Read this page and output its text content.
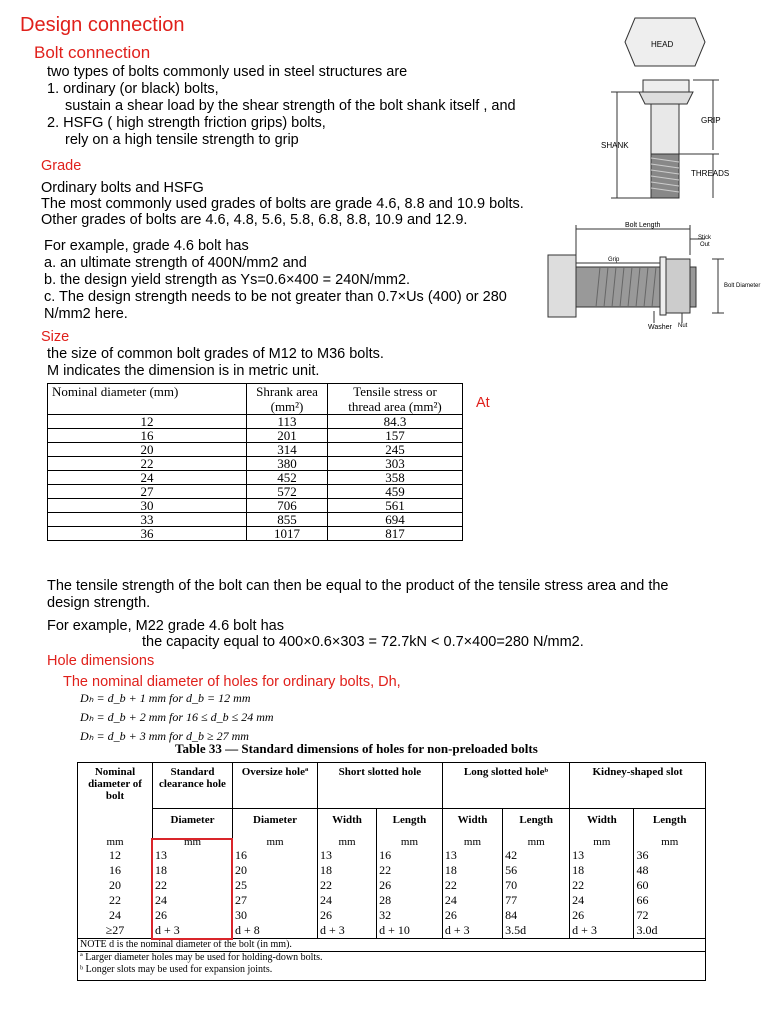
Design connection
Bolt connection
two types of bolts commonly used in steel structures are
1. ordinary (or black) bolts,
sustain a shear load by the shear strength of the bolt shank itself , and
2. HSFG ( high strength friction grips) bolts,
rely on a high tensile strength to grip
Grade
Ordinary bolts and HSFG
The most commonly used grades of bolts are grade 4.6, 8.8 and 10.9 bolts.
Other grades of bolts are 4.6, 4.8, 5.6, 5.8, 6.8, 8.8, 10.9 and 12.9.
For example, grade 4.6 bolt has
a. an ultimate strength of 400N/mm2 and
b. the design yield strength as Ys=0.6×400 = 240N/mm2.
c. The design strength needs to be not greater than 0.7×Us (400) or 280
N/mm2 here.
Size
the size of common bolt grades of M12 to M36 bolts.
M indicates the dimension is in metric unit.
At
Nominal diameter (mm)	Shrank area
(mm²)	Tensile stress or
thread area (mm²)
12	113	84.3
16	201	157
20	314	245
22	380	303
24	452	358
27	572	459
30	706	561
33	855	694
36	1017	817
The tensile strength of the bolt can then be equal to the product of the tensile stress area and the
design strength.
For example, M22 grade 4.6 bolt has
the capacity equal to 400×0.6×303 = 72.7kN < 0.7×400=280 N/mm2.
Hole dimensions
The nominal diameter of holes for ordinary bolts, Dh,
Dₕ = d_b + 1 mm for d_b = 12 mm
Dₕ = d_b + 2 mm for 16 ≤ d_b ≤ 24 mm
Dₕ = d_b + 3 mm for d_b ≥ 27 mm
Table 33 — Standard dimensions of holes for non-preloaded bolts
Nominal diameter of bolt	Standard clearance hole	Oversize holeª	Short slotted hole		Long slotted holeᵇ		Kidney-shaped slot	
	Diameter	Diameter	Width	Length	Width	Length	Width	Length
mm	mm	mm	mm	mm	mm	mm	mm	mm
12	13	16	13	16	13	42	13	36
16	18	20	18	22	18	56	18	48
20	22	25	22	26	22	70	22	60
22	24	27	24	28	24	77	24	66
24	26	30	26	32	26	84	26	72
≥27	d + 3	d + 8	d + 3	d + 10	d + 3	3.5d	d + 3	3.0d
NOTE d is the nominal diameter of the bolt (in mm).								
ª Larger diameter holes may be used for holding-down bolts.								
ᵇ Longer slots may be used for expansion joints.								
HEAD
SHANK
GRIP
THREADS
Bolt Length
Stick
Out
Grip
Bolt Diameter
Washer Nut
